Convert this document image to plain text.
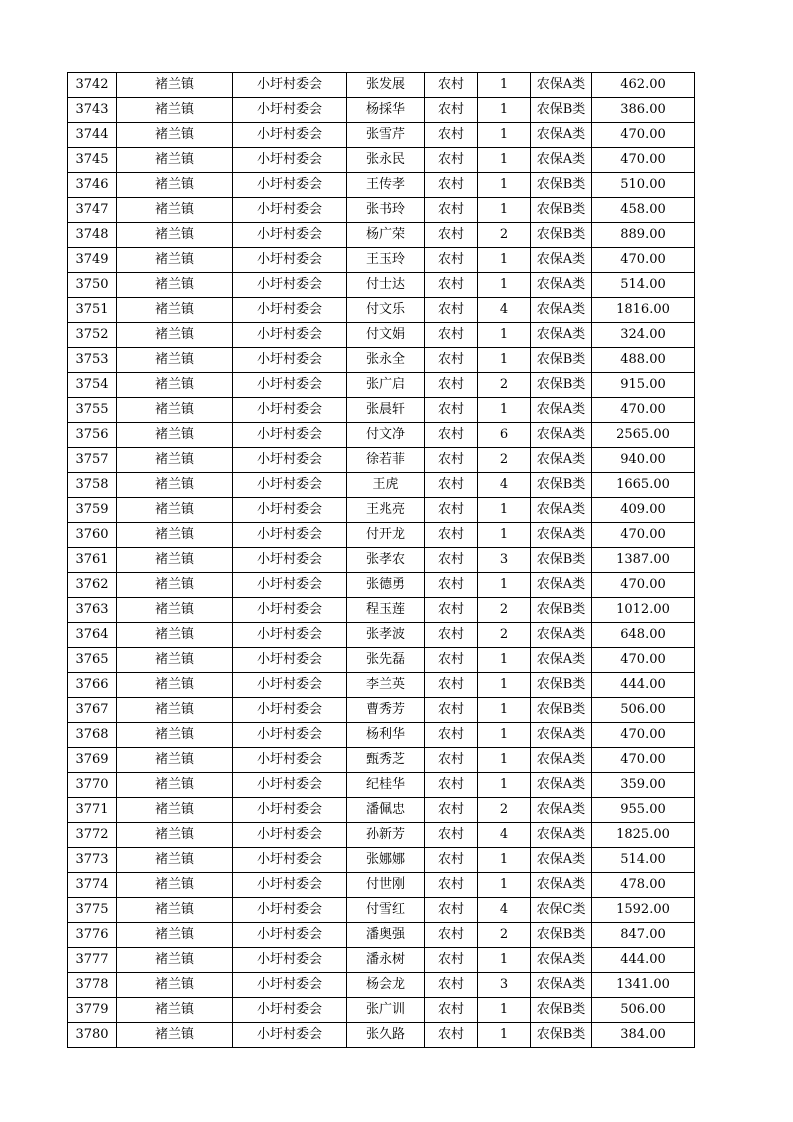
3742	褚兰镇	小圩村委会	张发展	农村	1	农保A类	462.00
3743	褚兰镇	小圩村委会	杨採华	农村	1	农保B类	386.00
3744	褚兰镇	小圩村委会	张雪芹	农村	1	农保A类	470.00
3745	褚兰镇	小圩村委会	张永民	农村	1	农保A类	470.00
3746	褚兰镇	小圩村委会	王传孝	农村	1	农保B类	510.00
3747	褚兰镇	小圩村委会	张书玲	农村	1	农保B类	458.00
3748	褚兰镇	小圩村委会	杨广荣	农村	2	农保B类	889.00
3749	褚兰镇	小圩村委会	王玉玲	农村	1	农保A类	470.00
3750	褚兰镇	小圩村委会	付士达	农村	1	农保A类	514.00
3751	褚兰镇	小圩村委会	付文乐	农村	4	农保A类	1816.00
3752	褚兰镇	小圩村委会	付文娟	农村	1	农保A类	324.00
3753	褚兰镇	小圩村委会	张永全	农村	1	农保B类	488.00
3754	褚兰镇	小圩村委会	张广启	农村	2	农保B类	915.00
3755	褚兰镇	小圩村委会	张晨轩	农村	1	农保A类	470.00
3756	褚兰镇	小圩村委会	付文净	农村	6	农保A类	2565.00
3757	褚兰镇	小圩村委会	徐若菲	农村	2	农保A类	940.00
3758	褚兰镇	小圩村委会	王虎	农村	4	农保B类	1665.00
3759	褚兰镇	小圩村委会	王兆亮	农村	1	农保A类	409.00
3760	褚兰镇	小圩村委会	付开龙	农村	1	农保A类	470.00
3761	褚兰镇	小圩村委会	张孝农	农村	3	农保B类	1387.00
3762	褚兰镇	小圩村委会	张德勇	农村	1	农保A类	470.00
3763	褚兰镇	小圩村委会	程玉莲	农村	2	农保B类	1012.00
3764	褚兰镇	小圩村委会	张孝波	农村	2	农保A类	648.00
3765	褚兰镇	小圩村委会	张先磊	农村	1	农保A类	470.00
3766	褚兰镇	小圩村委会	李兰英	农村	1	农保B类	444.00
3767	褚兰镇	小圩村委会	曹秀芳	农村	1	农保B类	506.00
3768	褚兰镇	小圩村委会	杨利华	农村	1	农保A类	470.00
3769	褚兰镇	小圩村委会	甄秀芝	农村	1	农保A类	470.00
3770	褚兰镇	小圩村委会	纪桂华	农村	1	农保A类	359.00
3771	褚兰镇	小圩村委会	潘佩忠	农村	2	农保A类	955.00
3772	褚兰镇	小圩村委会	孙新芳	农村	4	农保A类	1825.00
3773	褚兰镇	小圩村委会	张娜娜	农村	1	农保A类	514.00
3774	褚兰镇	小圩村委会	付世刚	农村	1	农保A类	478.00
3775	褚兰镇	小圩村委会	付雪红	农村	4	农保C类	1592.00
3776	褚兰镇	小圩村委会	潘奥强	农村	2	农保B类	847.00
3777	褚兰镇	小圩村委会	潘永树	农村	1	农保A类	444.00
3778	褚兰镇	小圩村委会	杨会龙	农村	3	农保A类	1341.00
3779	褚兰镇	小圩村委会	张广训	农村	1	农保B类	506.00
3780	褚兰镇	小圩村委会	张久路	农村	1	农保B类	384.00
